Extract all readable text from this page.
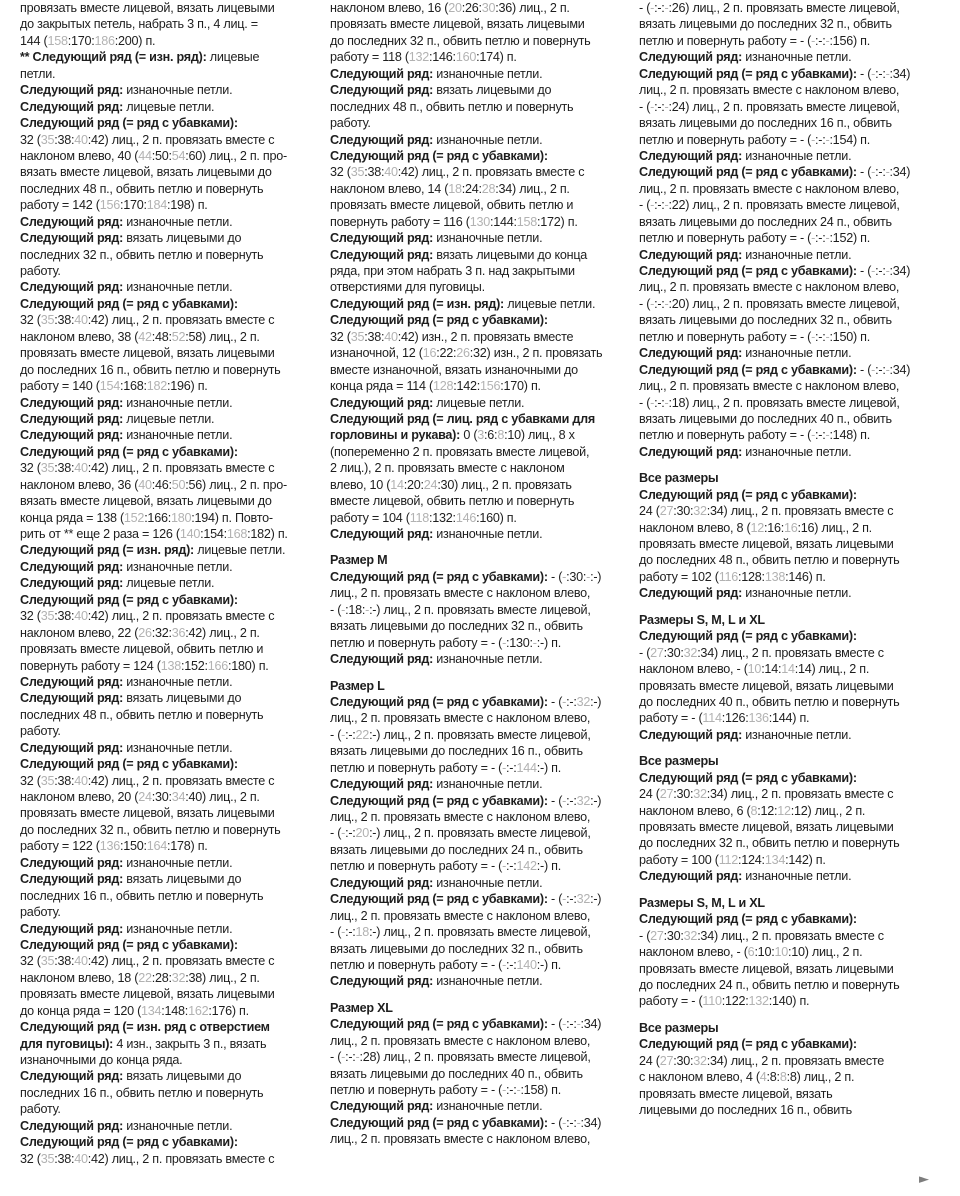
провязать вместе лицевой, вязать лицевыми
до закрытых петель, набрать 3 п., 4 лиц. =
144 (158:170:186:200) п.
** Следующий ряд (= изн. ряд): лицевые
петли.
Следующий ряд: изнаночные петли.
Следующий ряд: лицевые петли.
Следующий ряд (= ряд с убавками):
32 (35:38:40:42) лиц., 2 п. провязать вместе с
наклоном влево, 40 (44:50:54:60) лиц., 2 п. про-
вязать вместе лицевой, вязать лицевыми до
последних 48 п., обвить петлю и повернуть
работу = 142 (156:170:184:198) п.
Следующий ряд: изнаночные петли.
Следующий ряд: вязать лицевыми до
последних 32 п., обвить петлю и повернуть
работу.
Следующий ряд: изнаночные петли.
Следующий ряд (= ряд с убавками):
32 (35:38:40:42) лиц., 2 п. провязать вместе с
наклоном влево, 38 (42:48:52:58) лиц., 2 п.
провязать вместе лицевой, вязать лицевыми
до последних 16 п., обвить петлю и повернуть
работу = 140 (154:168:182:196) п.
Следующий ряд: изнаночные петли.
Следующий ряд: лицевые петли.
Следующий ряд: изнаночные петли.
Следующий ряд (= ряд с убавками):
32 (35:38:40:42) лиц., 2 п. провязать вместе с
наклоном влево, 36 (40:46:50:56) лиц., 2 п. про-
вязать вместе лицевой, вязать лицевыми до
конца ряда = 138 (152:166:180:194) п. Повто-
рить от ** еще 2 раза = 126 (140:154:168:182) п.
Следующий ряд (= изн. ряд): лицевые петли.
Следующий ряд: изнаночные петли.
Следующий ряд: лицевые петли.
Следующий ряд (= ряд с убавками):
32 (35:38:40:42) лиц., 2 п. провязать вместе с
наклоном влево, 22 (26:32:36:42) лиц., 2 п.
провязать вместе лицевой, обвить петлю и
повернуть работу = 124 (138:152:166:180) п.
Следующий ряд: изнаночные петли.
Следующий ряд: вязать лицевыми до
последних 48 п., обвить петлю и повернуть
работу.
Следующий ряд: изнаночные петли.
Следующий ряд (= ряд с убавками):
32 (35:38:40:42) лиц., 2 п. провязать вместе с
наклоном влево, 20 (24:30:34:40) лиц., 2 п.
провязать вместе лицевой, вязать лицевыми
до последних 32 п., обвить петлю и повернуть
работу = 122 (136:150:164:178) п.
Следующий ряд: изнаночные петли.
Следующий ряд: вязать лицевыми до
последних 16 п., обвить петлю и повернуть
работу.
Следующий ряд: изнаночные петли.
Следующий ряд (= ряд с убавками):
32 (35:38:40:42) лиц., 2 п. провязать вместе с
наклоном влево, 18 (22:28:32:38) лиц., 2 п.
провязать вместе лицевой, вязать лицевыми
до конца ряда = 120 (134:148:162:176) п.
Следующий ряд (= изн. ряд с отверстием
для пуговицы): 4 изн., закрыть 3 п., вязать
изнаночными до конца ряда.
Следующий ряд: вязать лицевыми до
последних 16 п., обвить петлю и повернуть
работу.
Следующий ряд: изнаночные петли.
Следующий ряд (= ряд с убавками):
32 (35:38:40:42) лиц., 2 п. провязать вместе с
наклоном влево, 16 (20:26:30:36) лиц., 2 п.
провязать вместе лицевой, вязать лицевыми
до последних 32 п., обвить петлю и повернуть
работу = 118 (132:146:160:174) п.
Следующий ряд: изнаночные петли.
Следующий ряд: вязать лицевыми до
последних 48 п., обвить петлю и повернуть
работу.
Следующий ряд: изнаночные петли.
Следующий ряд (= ряд с убавками):
32 (35:38:40:42) лиц., 2 п. провязать вместе с
наклоном влево, 14 (18:24:28:34) лиц., 2 п.
провязать вместе лицевой, обвить петлю и
повернуть работу = 116 (130:144:158:172) п.
Следующий ряд: изнаночные петли.
Следующий ряд: вязать лицевыми до конца
ряда, при этом набрать 3 п. над закрытыми
отверстиями для пуговицы.
Следующий ряд (= изн. ряд): лицевые петли.
Следующий ряд (= ряд с убавками):
32 (35:38:40:42) изн., 2 п. провязать вместе
изнаночной, 12 (16:22:26:32) изн., 2 п. провязать
вместе изнаночной, вязать изнаночными до
конца ряда = 114 (128:142:156:170) п.
Следующий ряд: лицевые петли.
Следующий ряд (= лиц. ряд с убавками для
горловины и рукава): 0 (3:6:8:10) лиц., 8 х
(попеременно 2 п. провязать вместе лицевой,
2 лиц.), 2 п. провязать вместе с наклоном
влево, 10 (14:20:24:30) лиц., 2 п. провязать
вместе лицевой, обвить петлю и повернуть
работу = 104 (118:132:146:160) п.
Следующий ряд: изнаночные петли.
Размер M
Следующий ряд (= ряд с убавками): - (-:30:-:-)
лиц., 2 п. провязать вместе с наклоном влево,
- (-:18:-:-) лиц., 2 п. провязать вместе лицевой,
вязать лицевыми до последних 32 п., обвить
петлю и повернуть работу = - (-:130:-:-) п.
Следующий ряд: изнаночные петли.
Размер L
Следующий ряд (= ряд с убавками): - (-:-:32:-)
лиц., 2 п. провязать вместе с наклоном влево,
- (-:-:22:-) лиц., 2 п. провязать вместе лицевой,
вязать лицевыми до последних 16 п., обвить
петлю и повернуть работу = - (-:-:144:-) п.
Следующий ряд: изнаночные петли.
Следующий ряд (= ряд с убавками): - (-:-:32:-)
лиц., 2 п. провязать вместе с наклоном влево,
- (-:-:20:-) лиц., 2 п. провязать вместе лицевой,
вязать лицевыми до последних 24 п., обвить
петлю и повернуть работу = - (-:-:142:-) п.
Следующий ряд: изнаночные петли.
Следующий ряд (= ряд с убавками): - (-:-:32:-)
лиц., 2 п. провязать вместе с наклоном влево,
- (-:-:18:-) лиц., 2 п. провязать вместе лицевой,
вязать лицевыми до последних 32 п., обвить
петлю и повернуть работу = - (-:-:140:-) п.
Следующий ряд: изнаночные петли.
Размер XL
Следующий ряд (= ряд с убавками): - (-:-:-:34)
лиц., 2 п. провязать вместе с наклоном влево,
- (-:-:-:28) лиц., 2 п. провязать вместе лицевой,
вязать лицевыми до последних 40 п., обвить
петлю и повернуть работу = - (-:-:-:158) п.
Следующий ряд: изнаночные петли.
Следующий ряд (= ряд с убавками): - (-:-:-:34)
лиц., 2 п. провязать вместе с наклоном влево,
- (-:-:-:26) лиц., 2 п. провязать вместе лицевой,
вязать лицевыми до последних 32 п., обвить
петлю и повернуть работу = - (-:-:-:156) п.
Следующий ряд: изнаночные петли.
Следующий ряд (= ряд с убавками): - (-:-:-:34)
лиц., 2 п. провязать вместе с наклоном влево,
- (-:-:-:24) лиц., 2 п. провязать вместе лицевой,
вязать лицевыми до последних 16 п., обвить
петлю и повернуть работу = - (-:-:-:154) п.
Следующий ряд: изнаночные петли.
Следующий ряд (= ряд с убавками): - (-:-:-:34)
лиц., 2 п. провязать вместе с наклоном влево,
- (-:-:-:22) лиц., 2 п. провязать вместе лицевой,
вязать лицевыми до последних 24 п., обвить
петлю и повернуть работу = - (-:-:-:152) п.
Следующий ряд: изнаночные петли.
Следующий ряд (= ряд с убавками): - (-:-:-:34)
лиц., 2 п. провязать вместе с наклоном влево,
- (-:-:-:20) лиц., 2 п. провязать вместе лицевой,
вязать лицевыми до последних 32 п., обвить
петлю и повернуть работу = - (-:-:-:150) п.
Следующий ряд: изнаночные петли.
Следующий ряд (= ряд с убавками): - (-:-:-:34)
лиц., 2 п. провязать вместе с наклоном влево,
- (-:-:-:18) лиц., 2 п. провязать вместе лицевой,
вязать лицевыми до последних 40 п., обвить
петлю и повернуть работу = - (-:-:-:148) п.
Следующий ряд: изнаночные петли.
Все размеры
Следующий ряд (= ряд с убавками):
24 (27:30:32:34) лиц., 2 п. провязать вместе с
наклоном влево, 8 (12:16:16:16) лиц., 2 п.
провязать вместе лицевой, вязать лицевыми
до последних 48 п., обвить петлю и повернуть
работу = 102 (116:128:138:146) п.
Следующий ряд: изнаночные петли.
Размеры S, M, L и XL
Следующий ряд (= ряд с убавками):
- (27:30:32:34) лиц., 2 п. провязать вместе с
наклоном влево, - (10:14:14:14) лиц., 2 п.
провязать вместе лицевой, вязать лицевыми
до последних 40 п., обвить петлю и повернуть
работу = - (114:126:136:144) п.
Следующий ряд: изнаночные петли.
Все размеры
Следующий ряд (= ряд с убавками):
24 (27:30:32:34) лиц., 2 п. провязать вместе с
наклоном влево, 6 (8:12:12:12) лиц., 2 п.
провязать вместе лицевой, вязать лицевыми
до последних 32 п., обвить петлю и повернуть
работу = 100 (112:124:134:142) п.
Следующий ряд: изнаночные петли.
Размеры S, M, L и XL
Следующий ряд (= ряд с убавками):
- (27:30:32:34) лиц., 2 п. провязать вместе с
наклоном влево, - (6:10:10:10) лиц., 2 п.
провязать вместе лицевой, вязать лицевыми
до последних 24 п., обвить петлю и повернуть
работу = - (110:122:132:140) п.
Все размеры
Следующий ряд (= ряд с убавками):
24 (27:30:32:34) лиц., 2 п. провязать вместе
с наклоном влево, 4 (4:8:8:8) лиц., 2 п.
провязать вместе лицевой, вязать
лицевыми до последних 16 п., обвить
►
